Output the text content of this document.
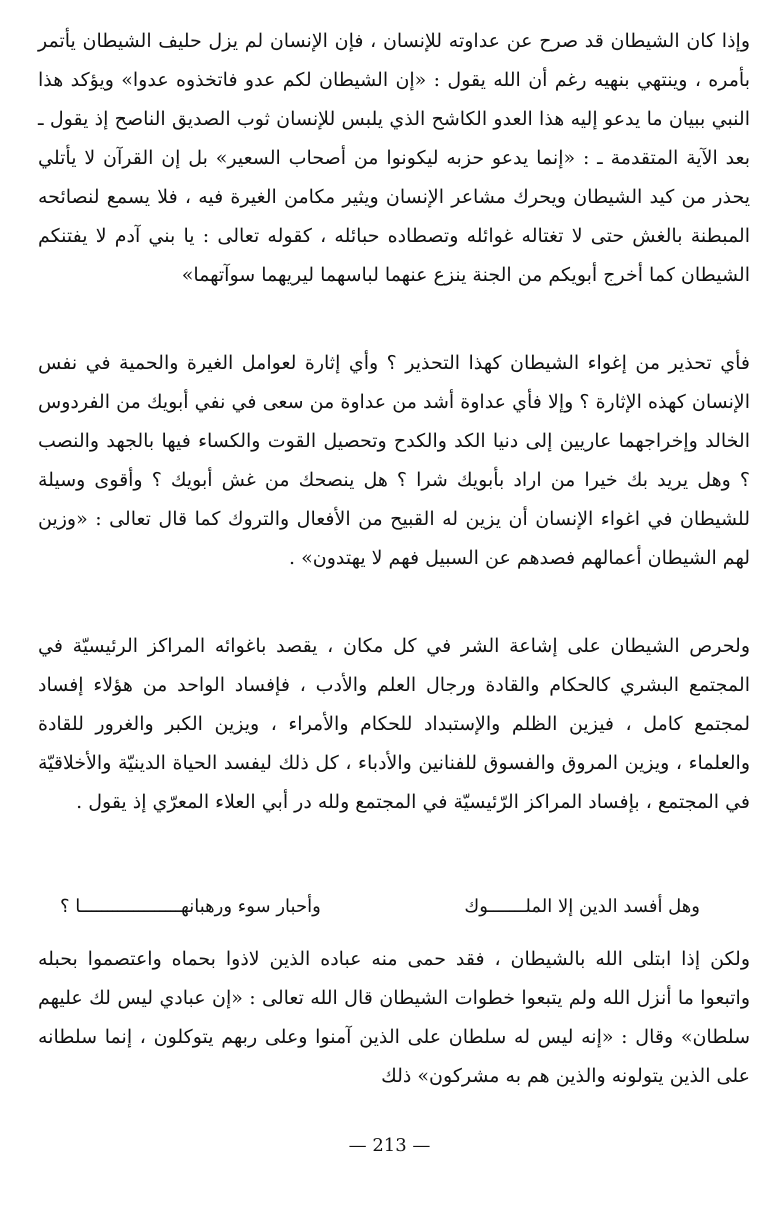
وإذا كان الشيطان قد صرح عن عداوته للإنسان ، فإن الإنسان لم يزل حليف الشيطان يأتمر بأمره ، وينتهي بنهيه رغم أن الله يقول : «إن الشيطان لكم عدو فاتخذوه عدوا» ويؤكد هذا النبي ببيان ما يدعو إليه هذا العدو الكاشح الذي يلبس للإنسان ثوب الصديق الناصح إذ يقول ـ بعد الآية المتقدمة ـ : «إنما يدعو حزبه ليكونوا من أصحاب السعير» بل إن القرآن لا يأتلي يحذر من كيد الشيطان ويحرك مشاعر الإنسان ويثير مكامن الغيرة فيه ، فلا يسمع لنصائحه المبطنة بالغش حتى لا تغتاله غوائله وتصطاده حبائله ، كقوله تعالى : يا بني آدم لا يفتنكم الشيطان كما أخرج أبويكم من الجنة ينزع عنهما لباسهما ليريهما سوآتهما»

فأي تحذير من إغواء الشيطان كهذا التحذير ؟ وأي إثارة لعوامل الغيرة والحمية في نفس الإنسان كهذه الإثارة ؟ وإلا فأي عداوة أشد من عداوة من سعى في نفي أبويك من الفردوس الخالد وإخراجهما عاريين إلى دنيا الكد والكدح وتحصيل القوت والكساء فيها بالجهد والنصب ؟ وهل يريد بك خيرا من اراد بأبويك شرا ؟ هل ينصحك من غش أبويك ؟ وأقوى وسيلة للشيطان في اغواء الإنسان أن يزين له القبيح من الأفعال والتروك كما قال تعالى : «وزين لهم الشيطان أعمالهم فصدهم عن السبيل فهم لا يهتدون» .

ولحرص الشيطان على إشاعة الشر في كل مكان ، يقصد باغوائه المراكز الرئيسيّة في المجتمع البشري كالحكام والقادة ورجال العلم والأدب ، فإفساد الواحد من هؤلاء إفساد لمجتمع كامل ، فيزين الظلم والإستبداد للحكام والأمراء ، ويزين الكبر والغرور للقادة والعلماء ، ويزين المروق والفسوق للفنانين والأدباء ، كل ذلك ليفسد الحياة الدينيّة والأخلاقيّة في المجتمع ، بإفساد المراكز الرّئيسيّة في المجتمع ولله در أبي العلاء المعرّي إذ يقول .

وهل أفسد الدين إلا الملـــــــوك
وأحبار سوء ورهبانهـــــــــــــــــــا ؟

ولكن إذا ابتلى الله بالشيطان ، فقد حمى منه عباده الذين لاذوا بحماه واعتصموا بحبله واتبعوا ما أنزل الله ولم يتبعوا خطوات الشيطان قال الله تعالى : «إن عبادي ليس لك عليهم سلطان» وقال : «إنه ليس له سلطان على الذين آمنوا وعلى ربهم يتوكلون ، إنما سلطانه على الذين يتولونه والذين هم به مشركون» ذلك

— 213 —
